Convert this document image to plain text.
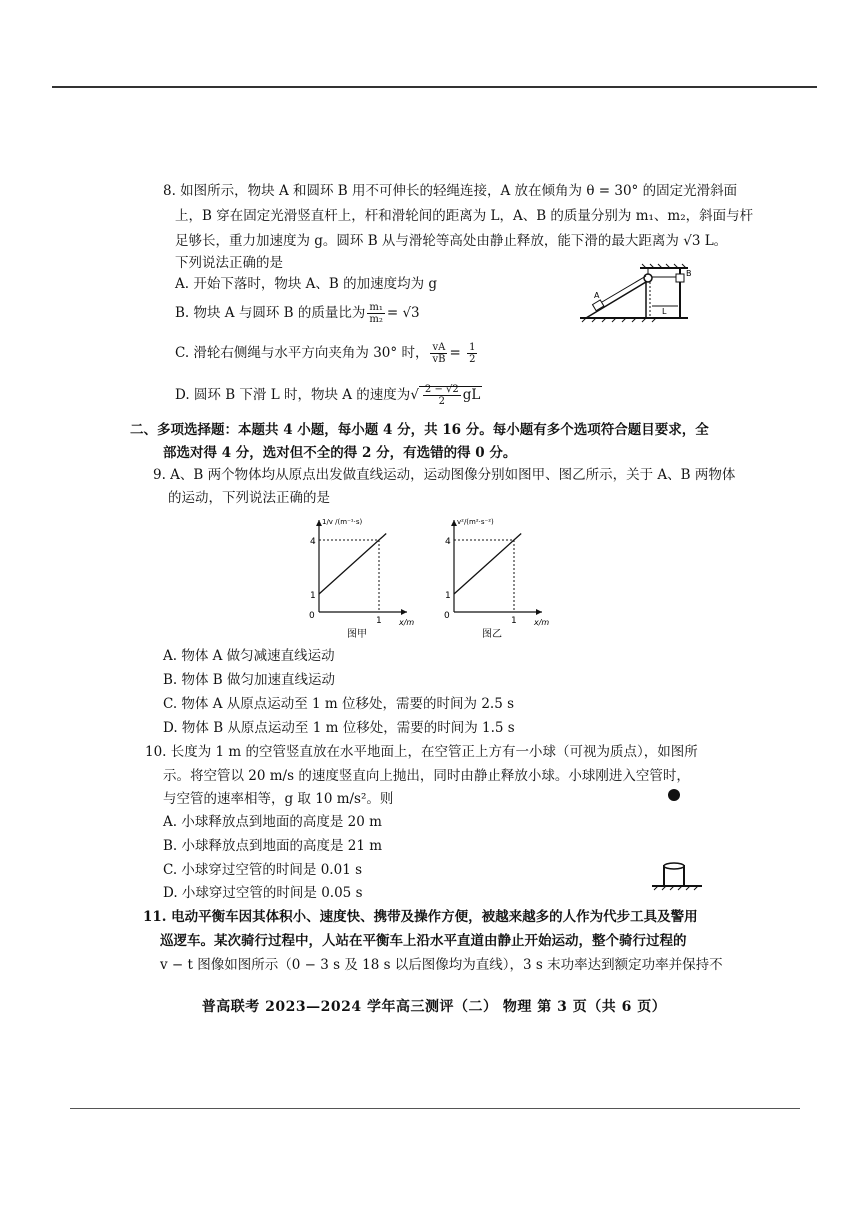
8. 如图所示，物块 A 和圆环 B 用不可伸长的轻绳连接，A 放在倾角为 θ = 30° 的固定光滑斜面
上，B 穿在固定光滑竖直杆上，杆和滑轮间的距离为 L，A、B 的质量分别为 m₁、m₂，斜面与杆
足够长，重力加速度为 g。圆环 B 从与滑轮等高处由静止释放，能下滑的最大距离为 √3 L。
下列说法正确的是
A. 开始下落时，物块 A、B 的加速度均为 g
B. 物块 A 与圆环 B 的质量比为 $\frac{\text{m₁}}{\text{m₂}} = √3$
C. 滑轮右侧绳与水平方向夹角为 30° 时， $\frac{vA}{vB} = \frac{1}{2}$
D. 圆环 B 下滑 L 时，物块 A 的速度为√ $\frac{2 - √2}{2}$ gL
A
B
L
二、多项选择题：本题共 4 小题，每小题 4 分，共 16 分。每小题有多个选项符合题目要求，全
部选对得 4 分，选对但不全的得 2 分，有选错的得 0 分。
9. A、B 两个物体均从原点出发做直线运动，运动图像分别如图甲、图乙所示，关于 A、B 两物体
的运动，下列说法正确的是
1
4
0	1 x/m
1/v /(m⁻¹·s)
图甲
1
4
0	1 x/m
v²/(m²·s⁻²)
图乙
A. 物体 A 做匀减速直线运动
B. 物体 B 做匀加速直线运动
C. 物体 A 从原点运动至 1 m 位移处，需要的时间为 2.5 s
D. 物体 B 从原点运动至 1 m 位移处，需要的时间为 1.5 s
10. 长度为 1 m 的空管竖直放在水平地面上，在空管正上方有一小球（可视为质点），如图所
示。将空管以 20 m/s 的速度竖直向上抛出，同时由静止释放小球。小球刚进入空管时，
与空管的速率相等，g 取 10 m/s²。则
A. 小球释放点到地面的高度是 20 m
B. 小球释放点到地面的高度是 21 m
C. 小球穿过空管的时间是 0.01 s
D. 小球穿过空管的时间是 0.05 s
11. 电动平衡车因其体积小、速度快、携带及操作方便，被越来越多的人作为代步工具及警用
巡逻车。某次骑行过程中，人站在平衡车上沿水平直道由静止开始运动，整个骑行过程的
v − t 图像如图所示（0 − 3 s 及 18 s 以后图像均为直线），3 s 末功率达到额定功率并保持不
普高联考 2023—2024 学年高三测评（二） 物理 第 3 页（共 6 页）
